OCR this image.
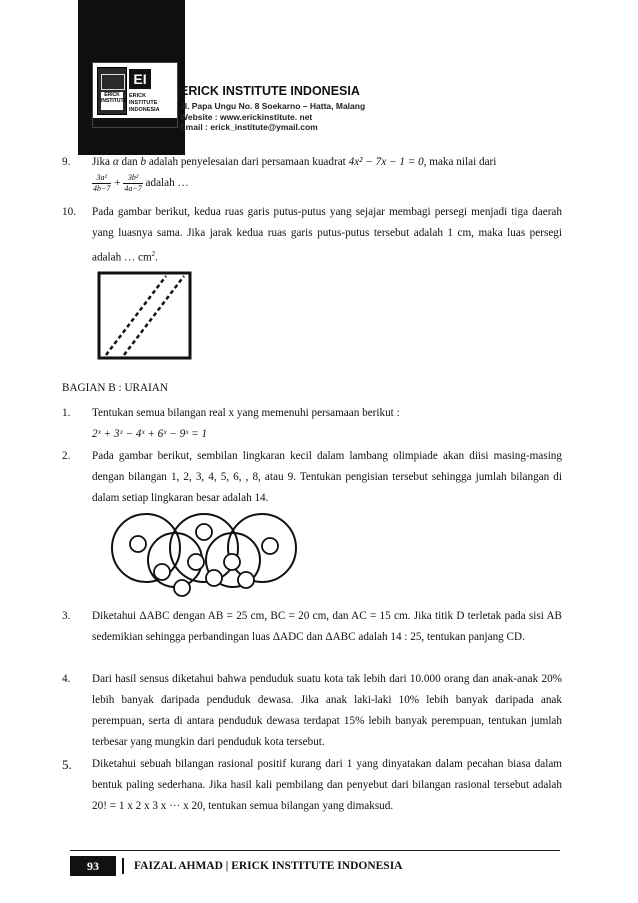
ERICK INSTITUTE
EI
ERICK INSTITUTE INDONESIA
ERICK INSTITUTE INDONESIA
Jl. Papa Ungu No. 8 Soekarno – Hatta, Malang
Website : www.erickinstitute. net
Email : erick_institute@ymail.com
9. Jika α dan b adalah penyelesaian dari persamaan kuadrat 4x² − 7x − 1 = 0, maka nilai dari

$\frac{\text{3a²}}{4b-7} + \frac{\text{3b²}}{4a-7}$ adalah …
10. Pada gambar berikut, kedua ruas garis putus-putus yang sejajar membagi persegi menjadi tiga daerah yang luasnya sama. Jika jarak kedua ruas garis putus-putus tersebut adalah 1 cm, maka luas persegi adalah … $cm^2$.
BAGIAN B : URAIAN
1. Tentukan semua bilangan real x yang memenuhi persamaan berikut :
2ˣ + 3ˣ − 4ˣ + 6ˣ − 9ˣ = 1
2. Pada gambar berikut, sembilan lingkaran kecil dalam lambang olimpiade akan diisi masing-masing dengan bilangan 1, 2, 3, 4, 5, 6, , 8, atau 9. Tentukan pengisian tersebut sehingga jumlah bilangan di dalam setiap lingkaran besar adalah 14.
3. Diketahui ΔABC dengan AB = 25 cm, BC = 20 cm, dan AC = 15 cm. Jika titik D terletak pada sisi AB sedemikian sehingga perbandingan luas ΔADC dan ΔABC adalah 14 : 25, tentukan panjang CD.
4. Dari hasil sensus diketahui bahwa penduduk suatu kota tak lebih dari 10.000 orang dan anak-anak 20% lebih banyak daripada penduduk dewasa. Jika anak laki-laki 10% lebih banyak daripada anak perempuan, serta di antara penduduk dewasa terdapat 15% lebih banyak perempuan, tentukan jumlah terbesar yang mungkin dari penduduk kota tersebut.
5. Diketahui sebuah bilangan rasional positif kurang dari 1 yang dinyatakan dalam pecahan biasa dalam bentuk paling sederhana. Jika hasil kali pembilang dan penyebut dari bilangan rasional tersebut adalah 20! = 1 x 2 x 3 x ··· x 20, tentukan semua bilangan yang dimaksud.
93	FAIZAL AHMAD | ERICK INSTITUTE INDONESIA
